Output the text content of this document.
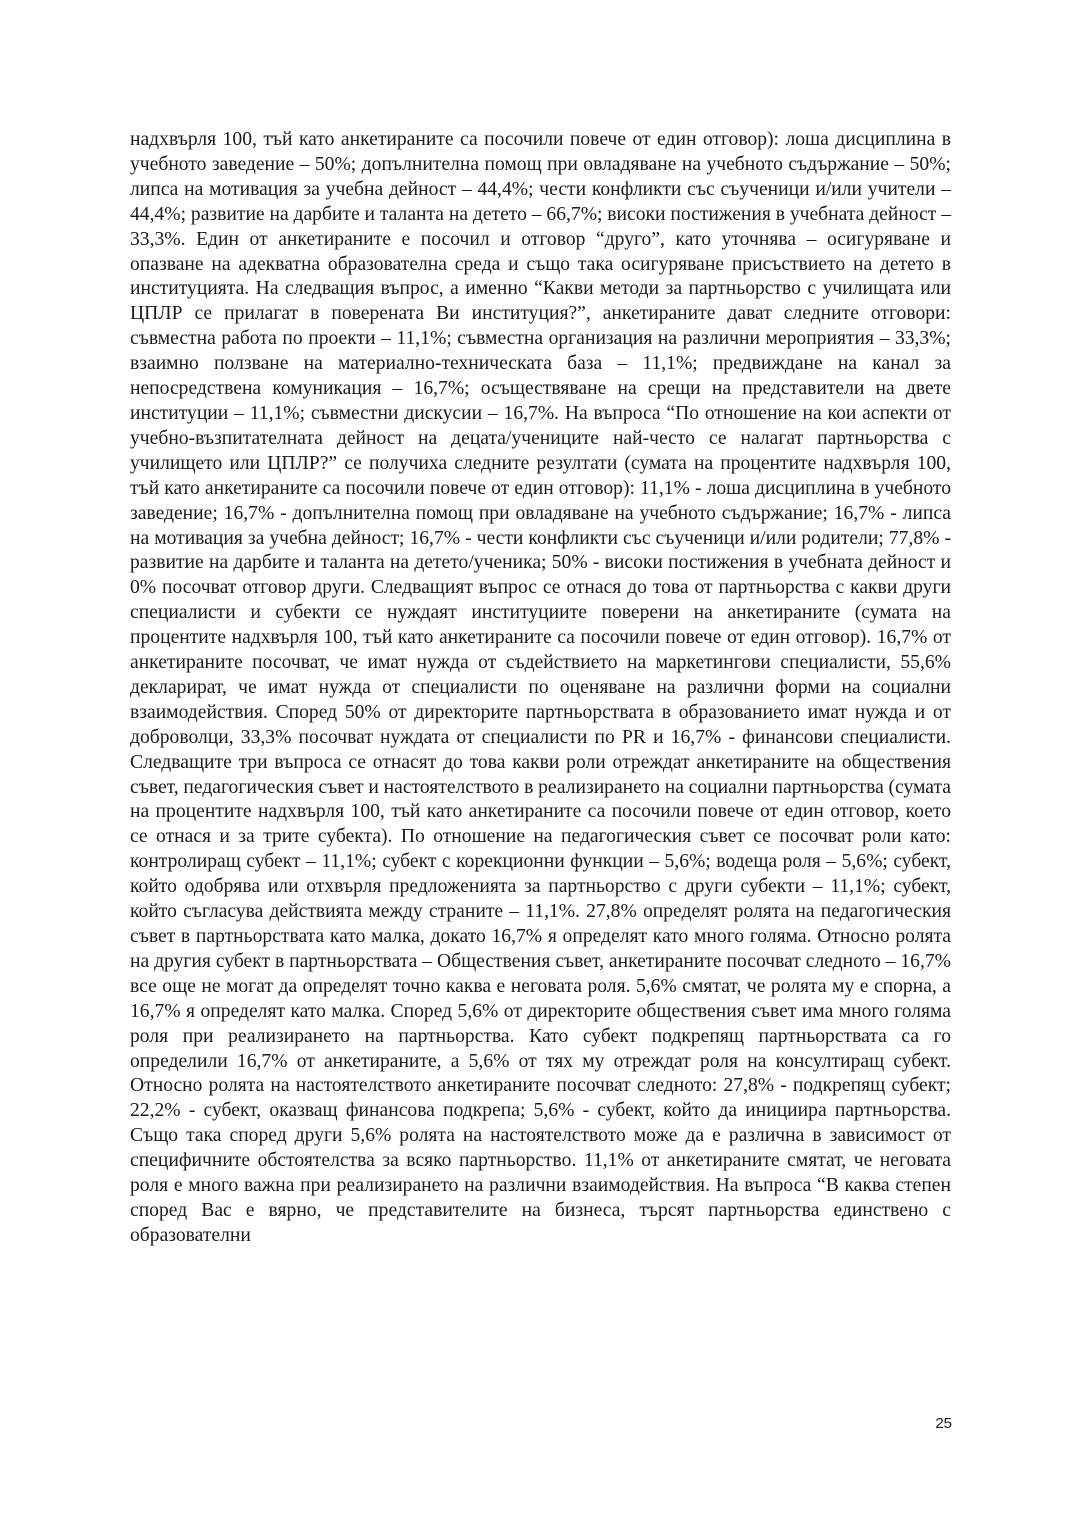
надхвърля 100, тъй като анкетираните са посочили повече от един отговор): лоша дисциплина в учебното заведение – 50%; допълнителна помощ при овладяване на учебното съдържание – 50%; липса на мотивация за учебна дейност – 44,4%; чести конфликти със съученици и/или учители – 44,4%; развитие на дарбите и таланта на детето – 66,7%; високи постижения в учебната дейност – 33,3%. Един от анкетираните е посочил и отговор “друго”, като уточнява – осигуряване и опазване на адекватна образователна среда и също така осигуряване присъствието на детето в институцията. На следващия въпрос, а именно “Какви методи за партньорство с училищата или ЦПЛР се прилагат в поверената Ви институция?”, анкетираните дават следните отговори: съвместна работа по проекти – 11,1%; съвместна организация на различни мероприятия – 33,3%; взаимно ползване на материално-техническата база – 11,1%; предвиждане на канал за непосредствена комуникация – 16,7%; осъществяване на срещи на представители на двете институции – 11,1%; съвместни дискусии – 16,7%. На въпроса “По отношение на кои аспекти от учебно-възпитателната дейност на децата/учениците най-често се налагат партньорства с училището или ЦПЛР?” се получиха следните резултати (сумата на процентите надхвърля 100, тъй като анкетираните са посочили повече от един отговор): 11,1% - лоша дисциплина в учебното заведение; 16,7% - допълнителна помощ при овладяване на учебното съдържание; 16,7% - липса на мотивация за учебна дейност; 16,7% - чести конфликти със съученици и/или родители; 77,8% - развитие на дарбите и таланта на детето/ученика; 50% - високи постижения в учебната дейност и 0% посочват отговор други. Следващият въпрос се отнася до това от партньорства с какви други специалисти и субекти се нуждаят институциите поверени на анкетираните (сумата на процентите надхвърля 100, тъй като анкетираните са посочили повече от един отговор). 16,7% от анкетираните посочват, че имат нужда от съдействието на маркетингови специалисти, 55,6% декларират, че имат нужда от специалисти по оценяване на различни форми на социални взаимодействия. Според 50% от директорите партньорствата в образованието имат нужда и от доброволци, 33,3% посочват нуждата от специалисти по PR и 16,7% - финансови специалисти. Следващите три въпроса се отнасят до това какви роли отреждат анкетираните на обществения съвет, педагогическия съвет и настоятелството в реализирането на социални партньорства (сумата на процентите надхвърля 100, тъй като анкетираните са посочили повече от един отговор, което се отнася и за трите субекта). По отношение на педагогическия съвет се посочват роли като: контролиращ субект – 11,1%; субект с корекционни функции – 5,6%; водеща роля – 5,6%; субект, който одобрява или отхвърля предложенията за партньорство с други субекти – 11,1%; субект, който съгласува действията между страните – 11,1%. 27,8% определят ролята на педагогическия съвет в партньорствата като малка, докато 16,7% я определят като много голяма. Относно ролята на другия субект в партньорствата – Обществения съвет, анкетираните посочват следното – 16,7% все още не могат да определят точно каква е неговата роля. 5,6% смятат, че ролята му е спорна, а 16,7% я определят като малка. Според 5,6% от директорите обществения съвет има много голяма роля при реализирането на партньорства. Като субект подкрепящ партньорствата са го определили 16,7% от анкетираните, а 5,6% от тях му отреждат роля на консултиращ субект. Относно ролята на настоятелството анкетираните посочват следното: 27,8% - подкрепящ субект; 22,2% - субект, оказващ финансова подкрепа; 5,6% - субект, който да инициира партньорства. Също така според други 5,6% ролята на настоятелството може да е различна в зависимост от специфичните обстоятелства за всяко партньорство. 11,1% от анкетираните смятат, че неговата роля е много важна при реализирането на различни взаимодействия. На въпроса “В каква степен според Вас е вярно, че представителите на бизнеса, търсят партньорства единствено с образователни

25
